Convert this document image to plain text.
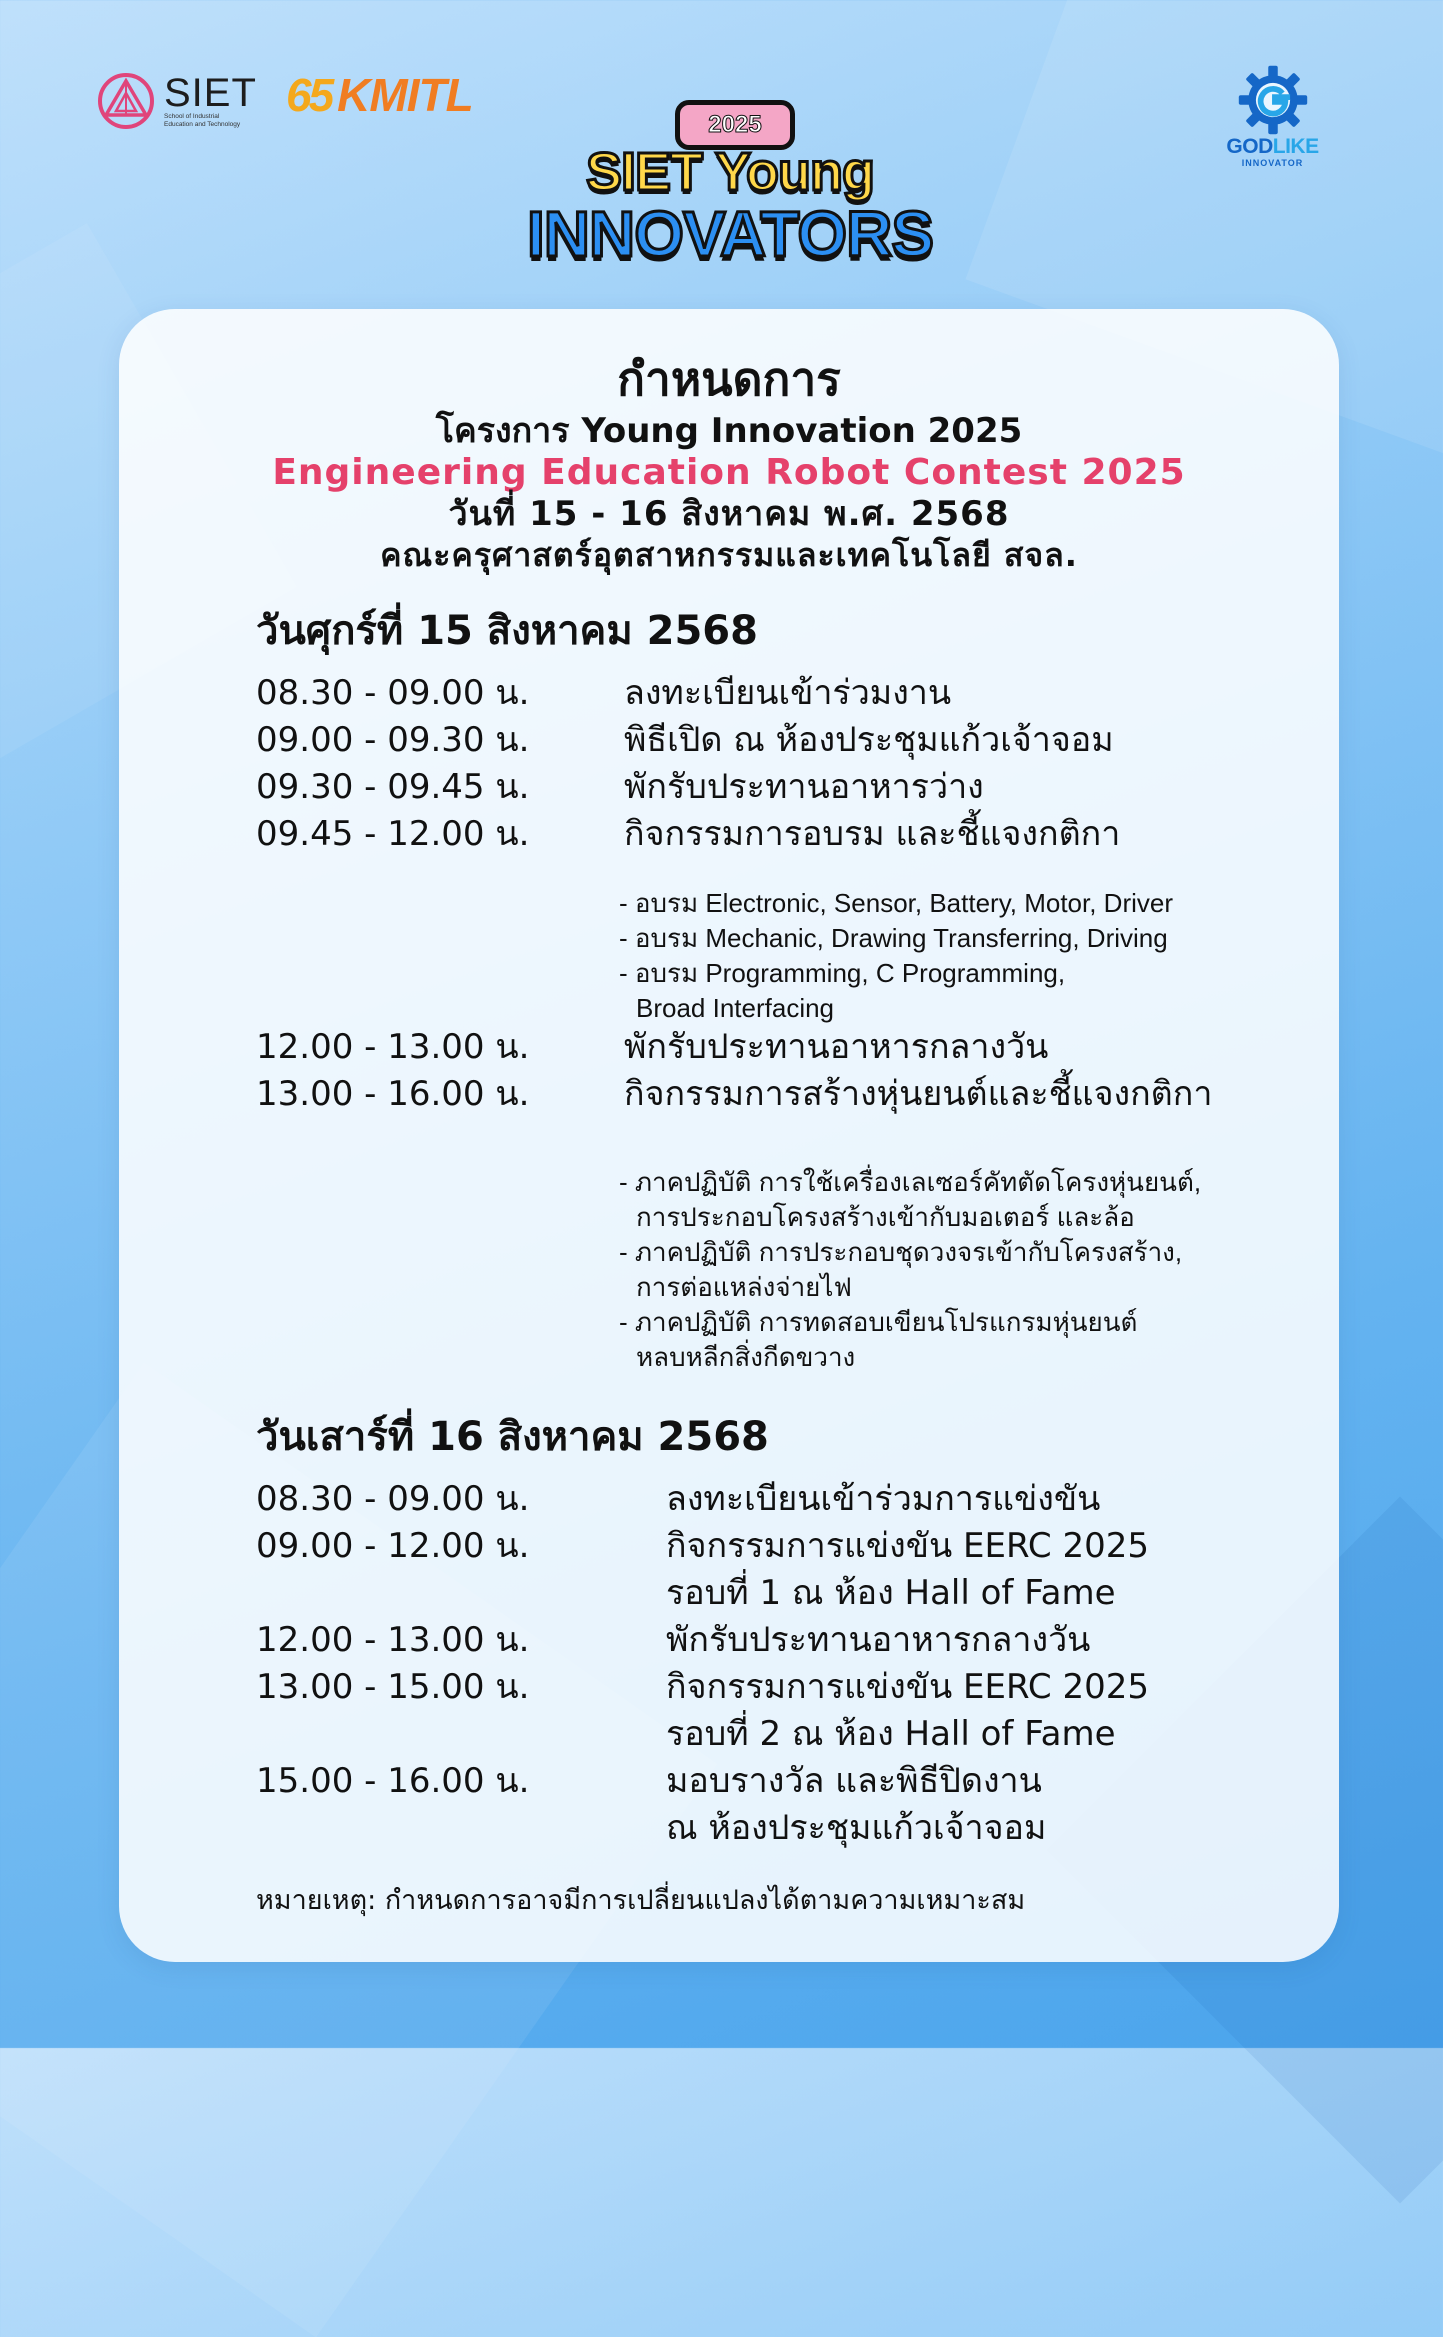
SIET
School of Industrial
Education and Technology
65 KMITL
2025
SIET Young
INNOVATORS
GODLIKE
INNOVATOR
กำหนดการ
โครงการ Young Innovation 2025
Engineering Education Robot Contest 2025
วันที่ 15 - 16 สิงหาคม พ.ศ. 2568
คณะครุศาสตร์อุตสาหกรรมและเทคโนโลยี สจล.
วันศุกร์ที่ 15 สิงหาคม 2568
08.30 - 09.00 น.	ลงทะเบียนเข้าร่วมงาน
09.00 - 09.30 น.	พิธีเปิด ณ ห้องประชุมแก้วเจ้าจอม
09.30 - 09.45 น.	พักรับประทานอาหารว่าง
09.45 - 12.00 น.	กิจกรรมการอบรม และชี้แจงกติกา
- อบรม Electronic, Sensor, Battery, Motor, Driver
- อบรม Mechanic, Drawing Transferring, Driving
- อบรม Programming, C Programming,
Broad Interfacing
12.00 - 13.00 น.	พักรับประทานอาหารกลางวัน
13.00 - 16.00 น.	กิจกรรมการสร้างหุ่นยนต์และชี้แจงกติกา
- ภาคปฏิบัติ การใช้เครื่องเลเซอร์คัทตัดโครงหุ่นยนต์,
การประกอบโครงสร้างเข้ากับมอเตอร์ และล้อ
- ภาคปฏิบัติ การประกอบชุดวงจรเข้ากับโครงสร้าง,
การต่อแหล่งจ่ายไฟ
- ภาคปฏิบัติ การทดสอบเขียนโปรแกรมหุ่นยนต์
หลบหลีกสิ่งกีดขวาง
วันเสาร์ที่ 16 สิงหาคม 2568
08.30 - 09.00 น.	ลงทะเบียนเข้าร่วมการแข่งขัน
09.00 - 12.00 น.	กิจกรรมการแข่งขัน EERC 2025
รอบที่ 1 ณ ห้อง Hall of Fame
12.00 - 13.00 น.	พักรับประทานอาหารกลางวัน
13.00 - 15.00 น.	กิจกรรมการแข่งขัน EERC 2025
รอบที่ 2 ณ ห้อง Hall of Fame
15.00 - 16.00 น.	มอบรางวัล และพิธีปิดงาน
ณ ห้องประชุมแก้วเจ้าจอม
หมายเหตุ: กำหนดการอาจมีการเปลี่ยนแปลงได้ตามความเหมาะสม
